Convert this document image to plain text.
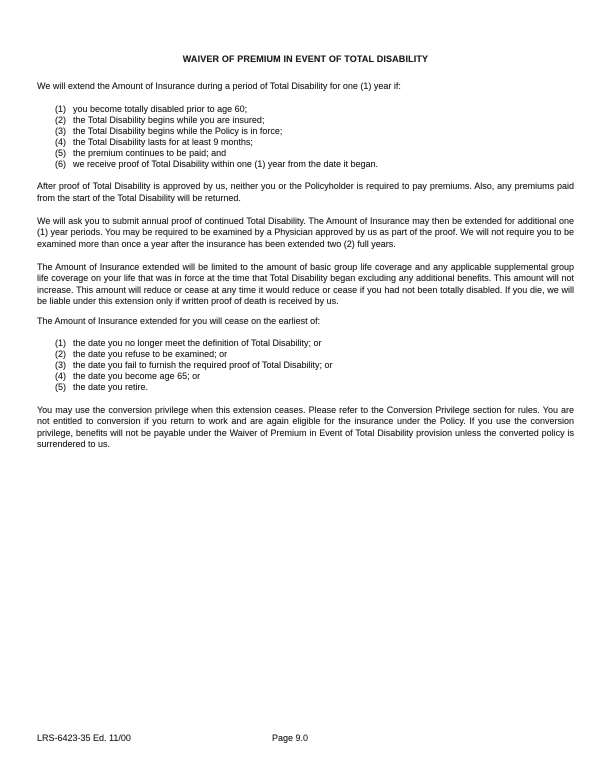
WAIVER OF PREMIUM IN EVENT OF TOTAL DISABILITY

We will extend the Amount of Insurance during a period of Total Disability for one (1) year if:

(1) you become totally disabled prior to age 60;
(2) the Total Disability begins while you are insured;
(3) the Total Disability begins while the Policy is in force;
(4) the Total Disability lasts for at least 9 months;
(5) the premium continues to be paid; and
(6) we receive proof of Total Disability within one (1) year from the date it began.

After proof of Total Disability is approved by us, neither you or the Policyholder is required to pay premiums. Also, any premiums paid from the start of the Total Disability will be returned.

We will ask you to submit annual proof of continued Total Disability. The Amount of Insurance may then be extended for additional one (1) year periods. You may be required to be examined by a Physician approved by us as part of the proof. We will not require you to be examined more than once a year after the insurance has been extended two (2) full years.

The Amount of Insurance extended will be limited to the amount of basic group life coverage and any applicable supplemental group life coverage on your life that was in force at the time that Total Disability began excluding any additional benefits. This amount will not increase. This amount will reduce or cease at any time it would reduce or cease if you had not been totally disabled. If you die, we will be liable under this extension only if written proof of death is received by us.

The Amount of Insurance extended for you will cease on the earliest of:

(1) the date you no longer meet the definition of Total Disability; or
(2) the date you refuse to be examined; or
(3) the date you fail to furnish the required proof of Total Disability; or
(4) the date you become age 65; or
(5) the date you retire.

You may use the conversion privilege when this extension ceases. Please refer to the Conversion Privilege section for rules. You are not entitled to conversion if you return to work and are again eligible for the insurance under the Policy. If you use the conversion privilege, benefits will not be payable under the Waiver of Premium in Event of Total Disability provision unless the converted policy is surrendered to us.

LRS-6423-35 Ed. 11/00	Page 9.0
